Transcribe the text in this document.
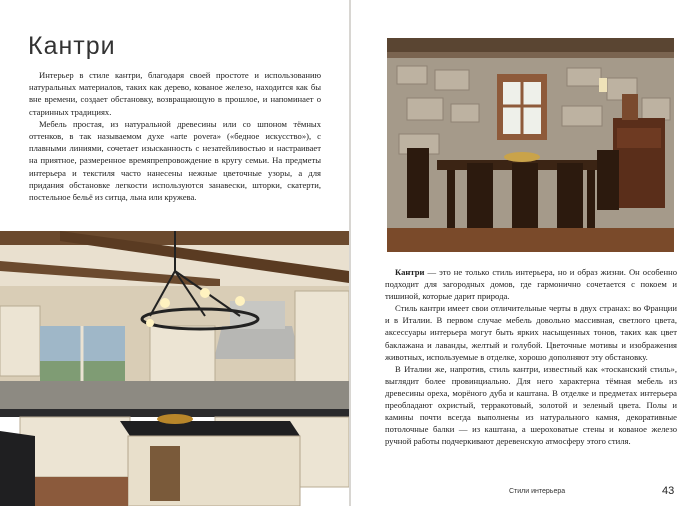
Кантри

Интерьер в стиле кантри, благодаря своей простоте и использованию натуральных материалов, таких как дерево, кованое железо, находится как бы вне времени, создает обстановку, возвращающую в прошлое, и напоминает о старинных традициях.

Мебель простая, из натуральной древесины или со шпоном тёмных оттенков, в так называемом духе «arte povera» («бедное искусство»), с плавными линиями, сочетает изысканность с незатейливостью и настраивает на приятное, размеренное времяпрепровождение в кругу семьи. На предметы интерьера и текстиля часто нанесены нежные цветочные узоры, а для придания обстановке легкости используются занавески, шторки, скатерти, постельное бельё из ситца, льна или кружева.

Кантри — это не только стиль интерьера, но и образ жизни. Он особенно подходит для загородных домов, где гармонично сочетается с покоем и тишиной, которые дарит природа.

Стиль кантри имеет свои отличительные черты в двух странах: во Франции и в Италии. В первом случае мебель довольно массивная, светлого цвета, аксессуары интерьера могут быть ярких насыщенных тонов, таких как цвет баклажана и лаванды, желтый и голубой. Цветочные мотивы и изображения животных, используемые в отделке, хорошо дополняют эту обстановку.

В Италии же, напротив, стиль кантри, известный как «тосканский стиль», выглядит более провинциально. Для него характерна тёмная мебель из древесины ореха, морёного дуба и каштана. В отделке и предметах интерьера преобладают охристый, терракотовый, золотой и зеленый цвета. Полы и камины почти всегда выполнены из натурального камня, декоративные потолочные балки — из каштана, а шероховатые стены и кованое железо ручной работы подчеркивают деревенскую атмосферу этого стиля.

Стили интерьера	43
